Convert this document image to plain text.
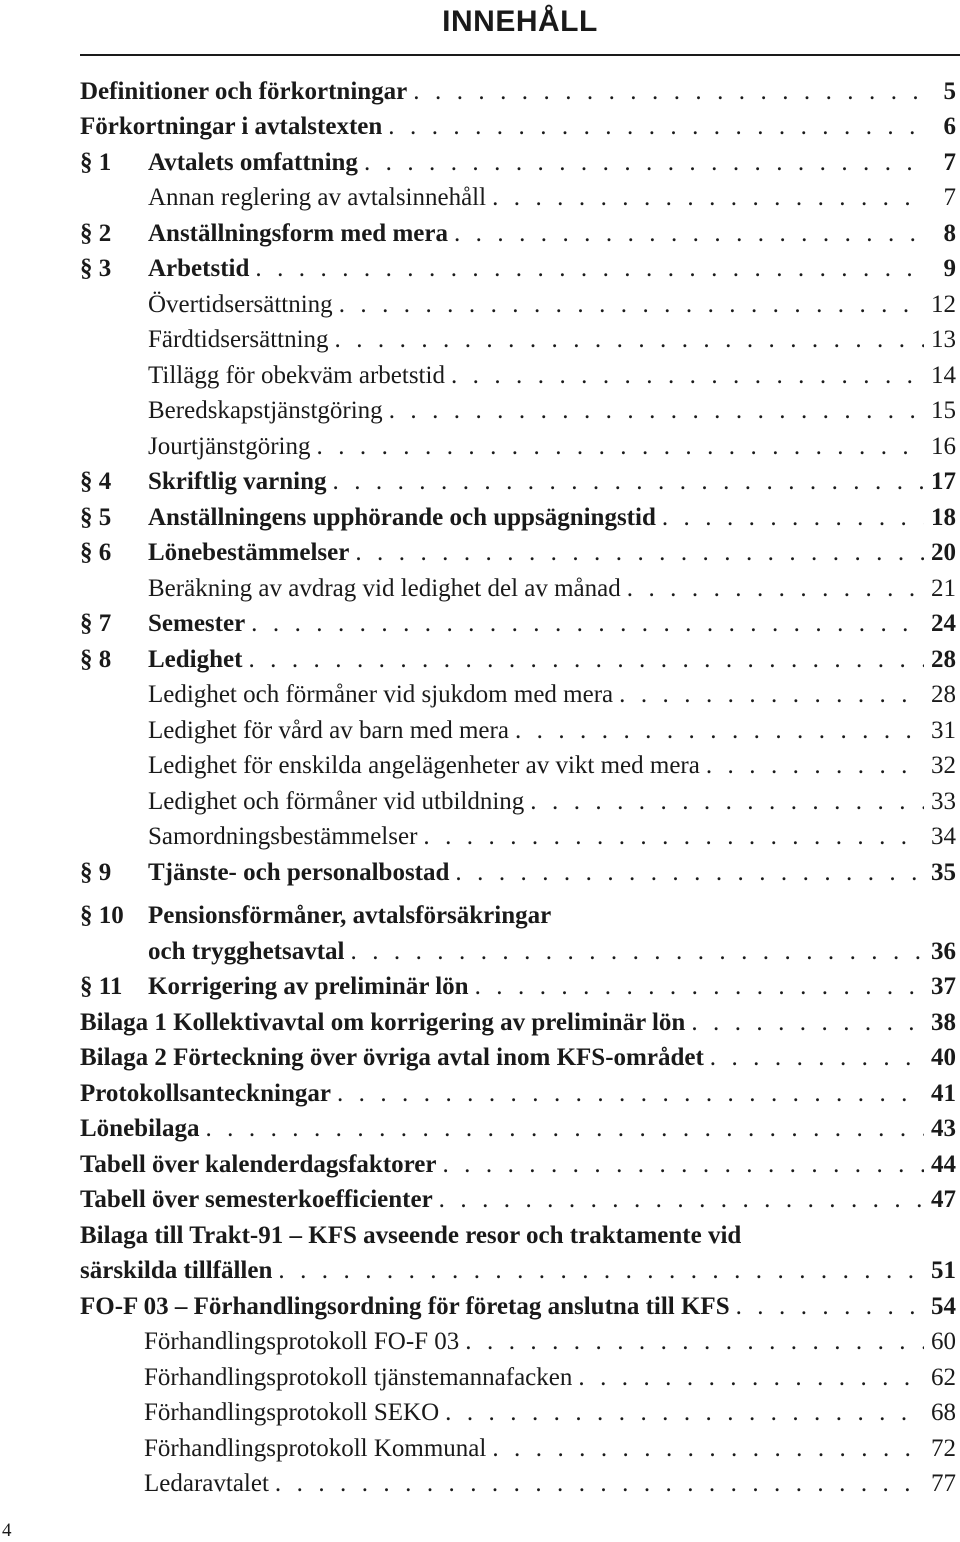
INNEHÅLL
Definitioner och förkortningar . . .	5
Förkortningar i avtalstexten . . .	6
§ 1	Avtalets omfattning . . .	7
Annan reglering av avtalsinnehåll . . .	7
§ 2	Anställningsform med mera . . .	8
§ 3	Arbetstid . . .	9
Övertidsersättning . . .	12
Färdtidsersättning . . .	13
Tillägg för obekväm arbetstid . . .	14
Beredskapstjänstgöring . . .	15
Jourtjänstgöring . . .	16
§ 4	Skriftlig varning . . .	17
§ 5	Anställningens upphörande och uppsägningstid . . .	18
§ 6	Lönebestämmelser . . .	20
Beräkning av avdrag vid ledighet del av månad . . .	21
§ 7	Semester . . .	24
§ 8	Ledighet . . .	28
Ledighet och förmåner vid sjukdom med mera . . .	28
Ledighet för vård av barn med mera . . .	31
Ledighet för enskilda angelägenheter av vikt med mera . . .	32
Ledighet och förmåner vid utbildning . . .	33
Samordningsbestämmelser . . .	34
§ 9	Tjänste- och personalbostad . . .	35
§ 10 Pensionsförmåner, avtalsförsäkringar
och trygghetsavtal . . .	36
§ 11	Korrigering av preliminär lön . . .	37
Bilaga 1 Kollektivavtal om korrigering av preliminär lön . . .	38
Bilaga 2 Förteckning över övriga avtal inom KFS-området . . .	40
Protokollsanteckningar . . .	41
Lönebilaga . . .	43
Tabell över kalenderdagsfaktorer . . .	44
Tabell över semesterkoefficienter . . .	47
Bilaga till Trakt-91 – KFS avseende resor och traktamente vid
särskilda tillfällen . . .	51
FO-F 03 – Förhandlingsordning för företag anslutna till KFS . . .	54
Förhandlingsprotokoll FO-F 03 . . .	60
Förhandlingsprotokoll tjänstemannafacken . . .	62
Förhandlingsprotokoll SEKO . . .	68
Förhandlingsprotokoll Kommunal . . .	72
Ledaravtalet . . .	77
4
